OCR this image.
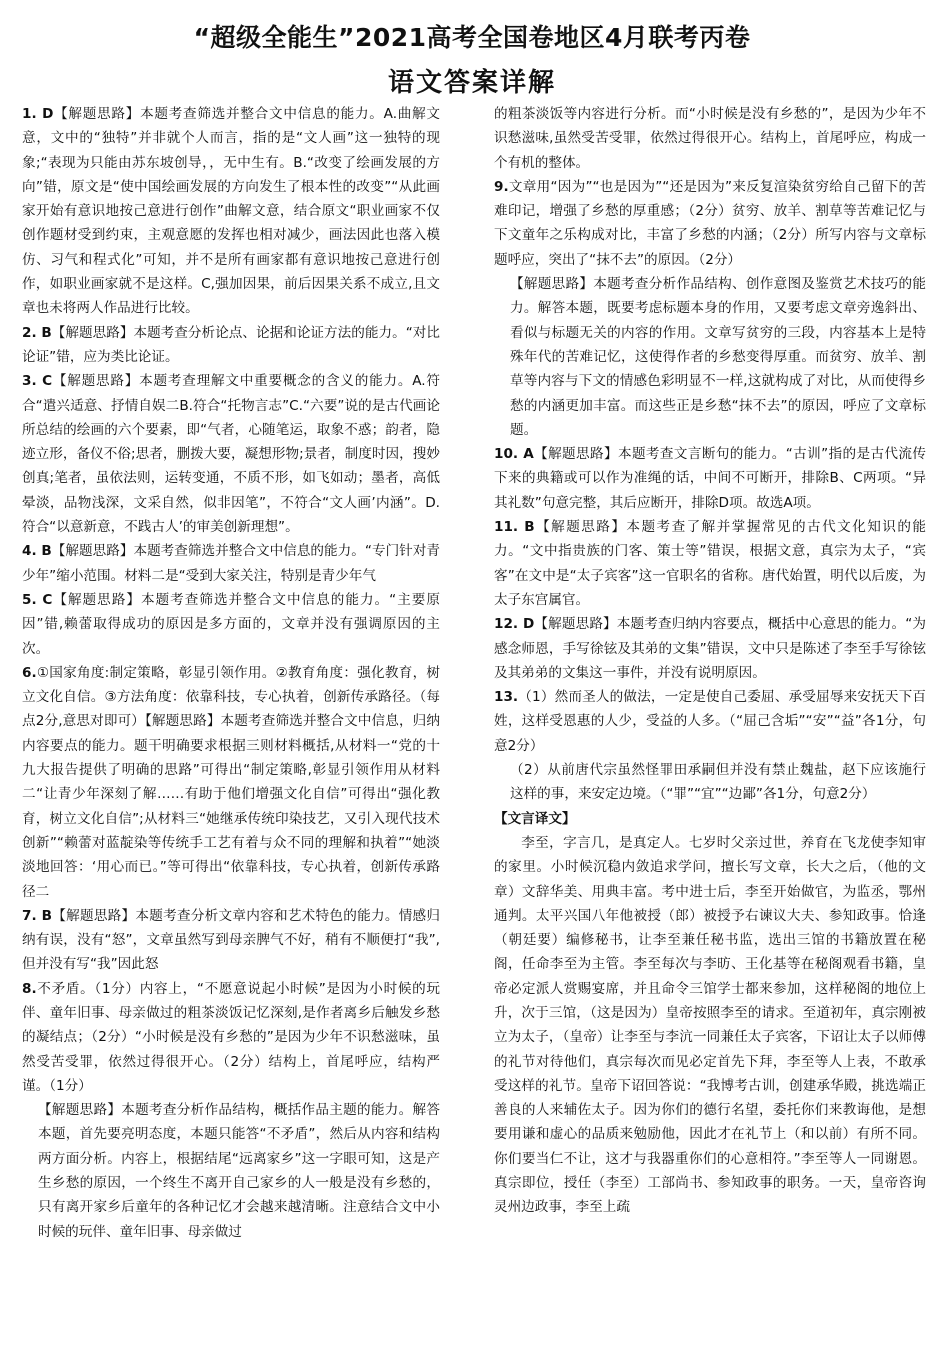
“超级全能生”2021高考全国卷地区4月联考丙卷
语文答案详解

1. D【解题思路】本题考查筛选并整合文中信息的能力。A.曲解文意，文中的“独特”并非就个人而言，指的是“文人画”这一独特的现象;“表现为只能由苏东坡创导，，无中生有。B.“改变了绘画发展的方向”错，原文是“使中国绘画发展的方向发生了根本性的改变”“从此画家开始有意识地按己意进行创作”曲解文意，结合原文“职业画家不仅创作题材受到约束，主观意愿的发挥也相对减少，画法因此也落入模仿、习气和程式化”可知，并不是所有画家都有意识地按己意进行创作，如职业画家就不是这样。C,强加因果，前后因果关系不成立,且文章也未将两人作品进行比较。

2. B【解题思路】本题考查分析论点、论据和论证方法的能力。“对比论证”错，应为类比论证。

3. C【解题思路】本题考查理解文中重要概念的含义的能力。A.符合“遣兴适意、抒情自娱二B.符合“托物言志”C.“六要”说的是古代画论所总结的绘画的六个要素，即“气者，心随笔运，取象不惑；韵者，隐迹立形，备仪不俗;思者，删拨大要，凝想形物;景者，制度时因，搜妙创真;笔者，虽依法则，运转变通，不质不形，如飞如动；墨者，高低晕淡，品物浅深，文采自然，似非因笔”，不符合“文人画’内涵”。D.符合“以意新意，不践古人’的审美创新理想”。

4. B【解题思路】本题考查筛选并整合文中信息的能力。“专门针对青少年”缩小范围。材料二是“受到大家关注，特别是青少年气

5. C【解题思路】本题考查筛选并整合文中信息的能力。“主要原因”错,赖蕾取得成功的原因是多方面的，文章并没有强调原因的主次。

6.①国家角度:制定策略，彰显引领作用。②教育角度：强化教育，树立文化自信。③方法角度：依靠科技，专心执着，创新传承路径。（每点2分,意思对即可）【解题思路】本题考查筛选并整合文中信息，归纳内容要点的能力。题干明确要求根据三则材料概括,从材料一“党的十九大报告提供了明确的思路”可得出“制定策略,彰显引领作用从材料二“让青少年深刻了解……有助于他们增强文化自信”可得出“强化教育，树立文化自信”;从材料三“她继承传统印染技艺，又引入现代技术创新”“赖蕾对蓝靛染等传统手工艺有着与众不同的理解和执着”“她淡淡地回答：‘用心而已。”等可得出“依靠科技，专心执着，创新传承路径二

7. B【解题思路】本题考查分析文章内容和艺术特色的能力。情感归纳有误，没有“怒”，文章虽然写到母亲脾气不好，稍有不顺便打“我”,但并没有写“我”因此怒

8.不矛盾。（1分）内容上，“不愿意说起小时候”是因为小时候的玩伴、童年旧事、母亲做过的粗茶淡饭记忆深刻,是作者离乡后触发乡愁的凝结点；（2分）“小时候是没有乡愁的”是因为少年不识愁滋味，虽然受苦受罪，依然过得很开心。（2分）结构上，首尾呼应，结构严谨。（1分）

【解题思路】本题考查分析作品结构，概括作品主题的能力。解答本题，首先要亮明态度，本题只能答“不矛盾”，然后从内容和结构两方面分析。内容上，根据结尾“远离家乡”这一字眼可知，这是产生乡愁的原因，一个终生不离开自己家乡的人一般是没有乡愁的，只有离开家乡后童年的各种记忆才会越来越清晰。注意结合文中小时候的玩伴、童年旧事、母亲做过

的粗茶淡饭等内容进行分析。而“小时候是没有乡愁的”，是因为少年不识愁滋味,虽然受苦受罪，依然过得很开心。结构上，首尾呼应，构成一个有机的整体。

9.文章用“因为”“也是因为”“还是因为”来反复渲染贫穷给自己留下的苦难印记，增强了乡愁的厚重感；（2分）贫穷、放羊、割草等苦难记忆与下文童年之乐构成对比，丰富了乡愁的内涵；（2分）所写内容与文章标题呼应，突出了“抹不去”的原因。（2分）

【解题思路】本题考查分析作品结构、创作意图及鉴赏艺术技巧的能力。解答本题，既要考虑标题本身的作用，又要考虑文章旁逸斜出、看似与标题无关的内容的作用。文章写贫穷的三段，内容基本上是特殊年代的苦难记忆，这使得作者的乡愁变得厚重。而贫穷、放羊、割草等内容与下文的情感色彩明显不一样,这就构成了对比，从而使得乡愁的内涵更加丰富。而这些正是乡愁“抹不去”的原因，呼应了文章标题。

10. A【解题思路】本题考查文言断句的能力。“古训”指的是古代流传下来的典籍或可以作为准绳的话，中间不可断开，排除B、C两项。“异其礼数”句意完整，其后应断开，排除D项。故选A项。

11. B【解题思路】本题考查了解并掌握常见的古代文化知识的能力。“文中指贵族的门客、策士等”错误，根据文意，真宗为太子，“宾客”在文中是“太子宾客”这一官职名的省称。唐代始置，明代以后废，为太子东宫属官。

12. D【解题思路】本题考查归纳内容要点，概括中心意思的能力。“为感念师恩，手写徐铉及其弟的文集”错误，文中只是陈述了李至手写徐铉及其弟弟的文集这一事件，并没有说明原因。

13.（1）然而圣人的做法，一定是使自己委屈、承受屈辱来安抚天下百姓，这样受恩惠的人少，受益的人多。（“屈己含垢”“安”“益”各1分，句意2分）

（2）从前唐代宗虽然怪罪田承嗣但并没有禁止魏盐，赵下应该施行这样的事，来安定边境。（“罪”“宜”“边鄙”各1分，句意2分）

【文言译文】

李至，字言几，是真定人。七岁时父亲过世，养育在飞龙使李知审的家里。小时候沉稳内敛追求学问，擅长写文章，长大之后，（他的文章）文辞华美、用典丰富。考中进士后，李至开始做官，为监丞，鄂州通判。太平兴国八年他被授（郎）被授予右谏议大夫、参知政事。恰逢（朝廷要）编修秘书，让李至兼任秘书监，选出三馆的书籍放置在秘阁，任命李至为主管。李至每次与李昉、王化基等在秘阁观看书籍，皇帝必定派人赏赐宴席，并且命令三馆学士都来参加，这样秘阁的地位上升，次于三馆，（这是因为）皇帝按照李至的请求。至道初年，真宗刚被立为太子，（皇帝）让李至与李沆一同兼任太子宾客，下诏让太子以师傅的礼节对待他们，真宗每次而见必定首先下拜，李至等人上表，不敢承受这样的礼节。皇帝下诏回答说：“我博考古训，创建承华殿，挑选端正善良的人来辅佐太子。因为你们的德行名望，委托你们来教诲他，是想要用谦和虚心的品质来勉励他，因此才在礼节上（和以前）有所不同。你们要当仁不让，这才与我器重你们的心意相符。”李至等人一同谢恩。真宗即位，授任（李至）工部尚书、参知政事的职务。一天，皇帝咨询灵州边政事，李至上疏
